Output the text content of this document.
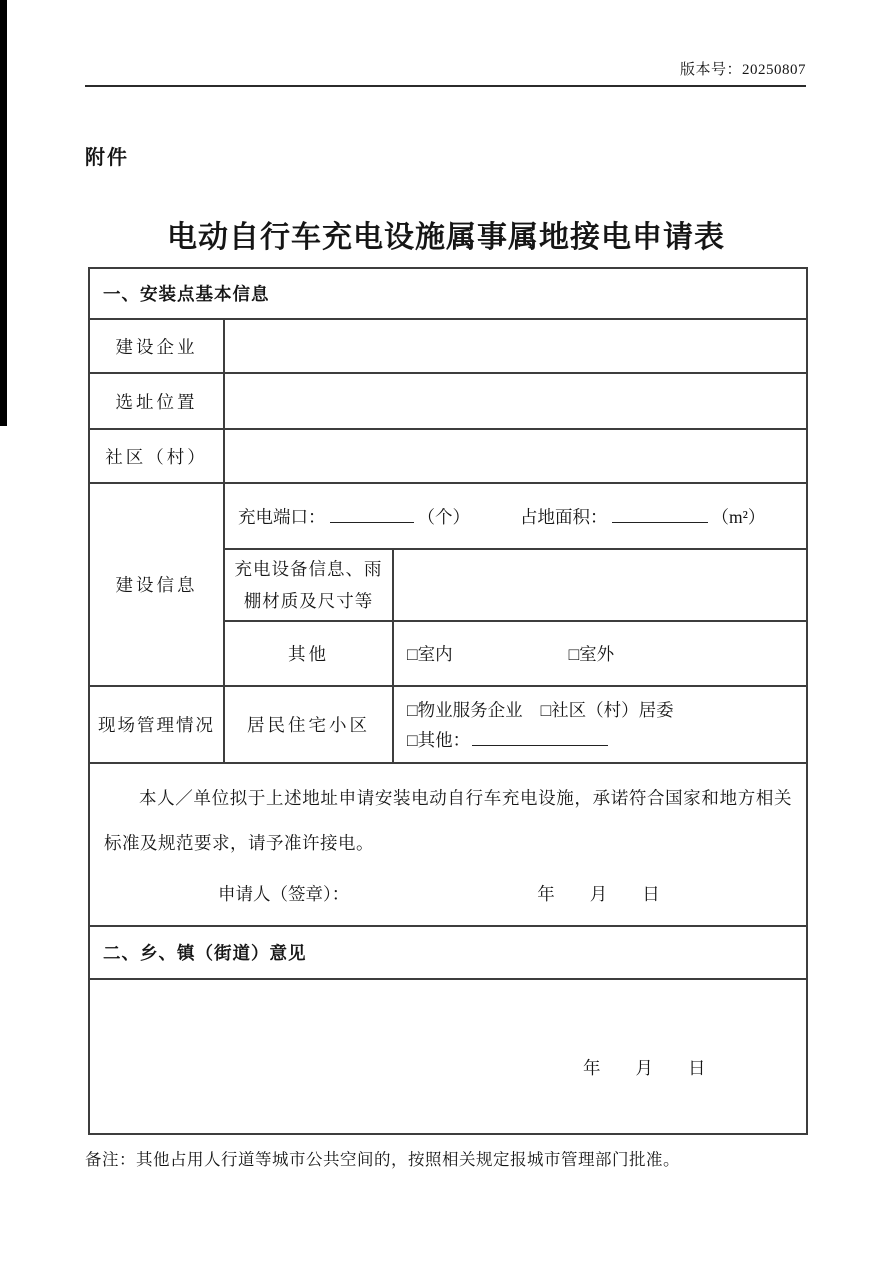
版本号：20250807
附件
电动自行车充电设施属事属地接电申请表
一、安装点基本信息		
建设企业		
选址位置		
社区（村）		
建设信息	充电端口： （个） 占地面积： （m²）	

	充电设备信息、雨棚材质及尺寸等	
	其他	□室内 □室外
现场管理情况	居民住宅小区	□物业服务企业 □社区（村）居委
□其他：

本人／单位拟于上述地址申请安装电动自行车充电设施，承诺符合国家和地方相关标准及规范要求，请予准许接电。

申请人（签章）： 年　　月　　日		

二、乡、镇（街道）意见		
年　　月　　日		
备注：其他占用人行道等城市公共空间的，按照相关规定报城市管理部门批准。
